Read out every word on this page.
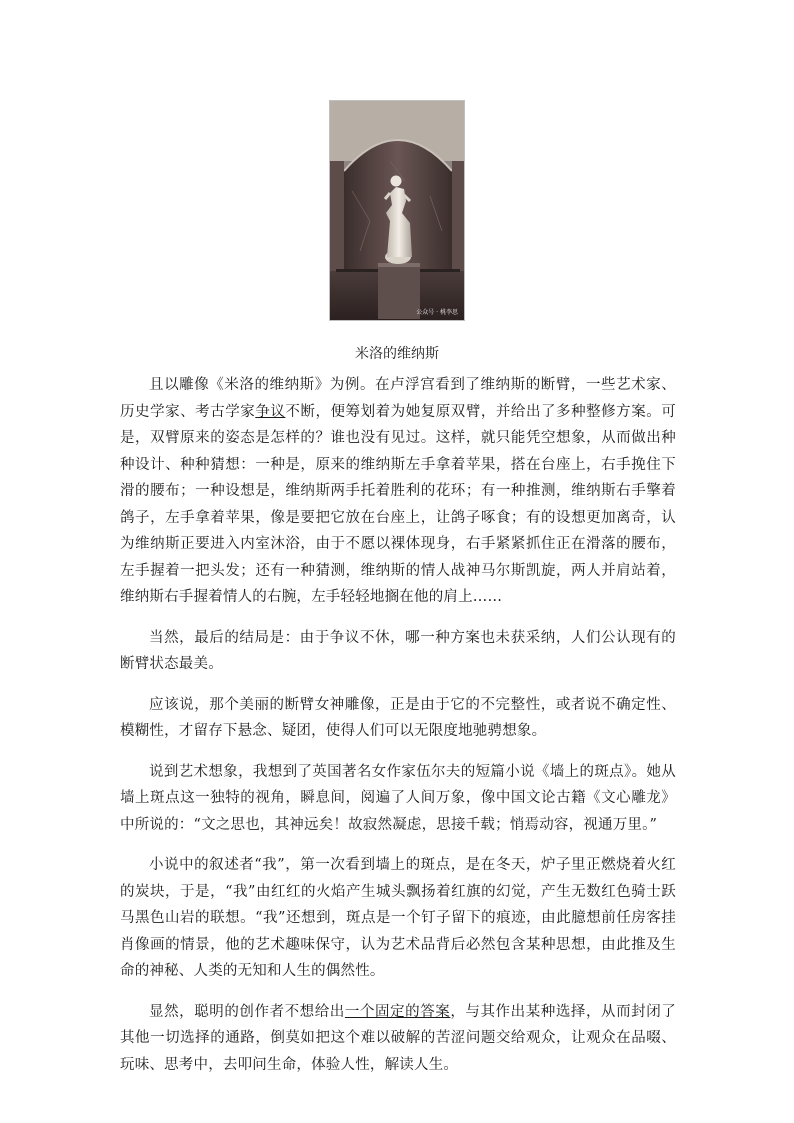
公众号 · 桃李思
米洛的维纳斯

且以雕像《米洛的维纳斯》为例。在卢浮宫看到了维纳斯的断臂，一些艺术家、历史学家、考古学家争议不断，便筹划着为她复原双臂，并给出了多种整修方案。可是，双臂原来的姿态是怎样的？谁也没有见过。这样，就只能凭空想象，从而做出种种设计、种种猜想：一种是，原来的维纳斯左手拿着苹果，搭在台座上，右手挽住下滑的腰布；一种设想是，维纳斯两手托着胜利的花环；有一种推测，维纳斯右手擎着鸽子，左手拿着苹果，像是要把它放在台座上，让鸽子啄食；有的设想更加离奇，认为维纳斯正要进入内室沐浴，由于不愿以裸体现身，右手紧紧抓住正在滑落的腰布，左手握着一把头发；还有一种猜测，维纳斯的情人战神马尔斯凯旋，两人并肩站着，维纳斯右手握着情人的右腕，左手轻轻地搁在他的肩上……

当然，最后的结局是：由于争议不休，哪一种方案也未获采纳，人们公认现有的断臂状态最美。

应该说，那个美丽的断臂女神雕像，正是由于它的不完整性，或者说不确定性、模糊性，才留存下悬念、疑团，使得人们可以无限度地驰骋想象。

说到艺术想象，我想到了英国著名女作家伍尔夫的短篇小说《墙上的斑点》。她从墙上斑点这一独特的视角，瞬息间，阅遍了人间万象，像中国文论古籍《文心雕龙》中所说的：“文之思也，其神远矣！故寂然凝虑，思接千载；悄焉动容，视通万里。”

小说中的叙述者“我”，第一次看到墙上的斑点，是在冬天，炉子里正燃烧着火红的炭块，于是，“我”由红红的火焰产生城头飘扬着红旗的幻觉，产生无数红色骑士跃马黑色山岩的联想。“我”还想到，斑点是一个钉子留下的痕迹，由此臆想前任房客挂肖像画的情景，他的艺术趣味保守，认为艺术品背后必然包含某种思想，由此推及生命的神秘、人类的无知和人生的偶然性。

显然，聪明的创作者不想给出一个固定的答案，与其作出某种选择，从而封闭了其他一切选择的通路，倒莫如把这个难以破解的苦涩问题交给观众，让观众在品啜、玩味、思考中，去叩问生命，体验人性，解读人生。
